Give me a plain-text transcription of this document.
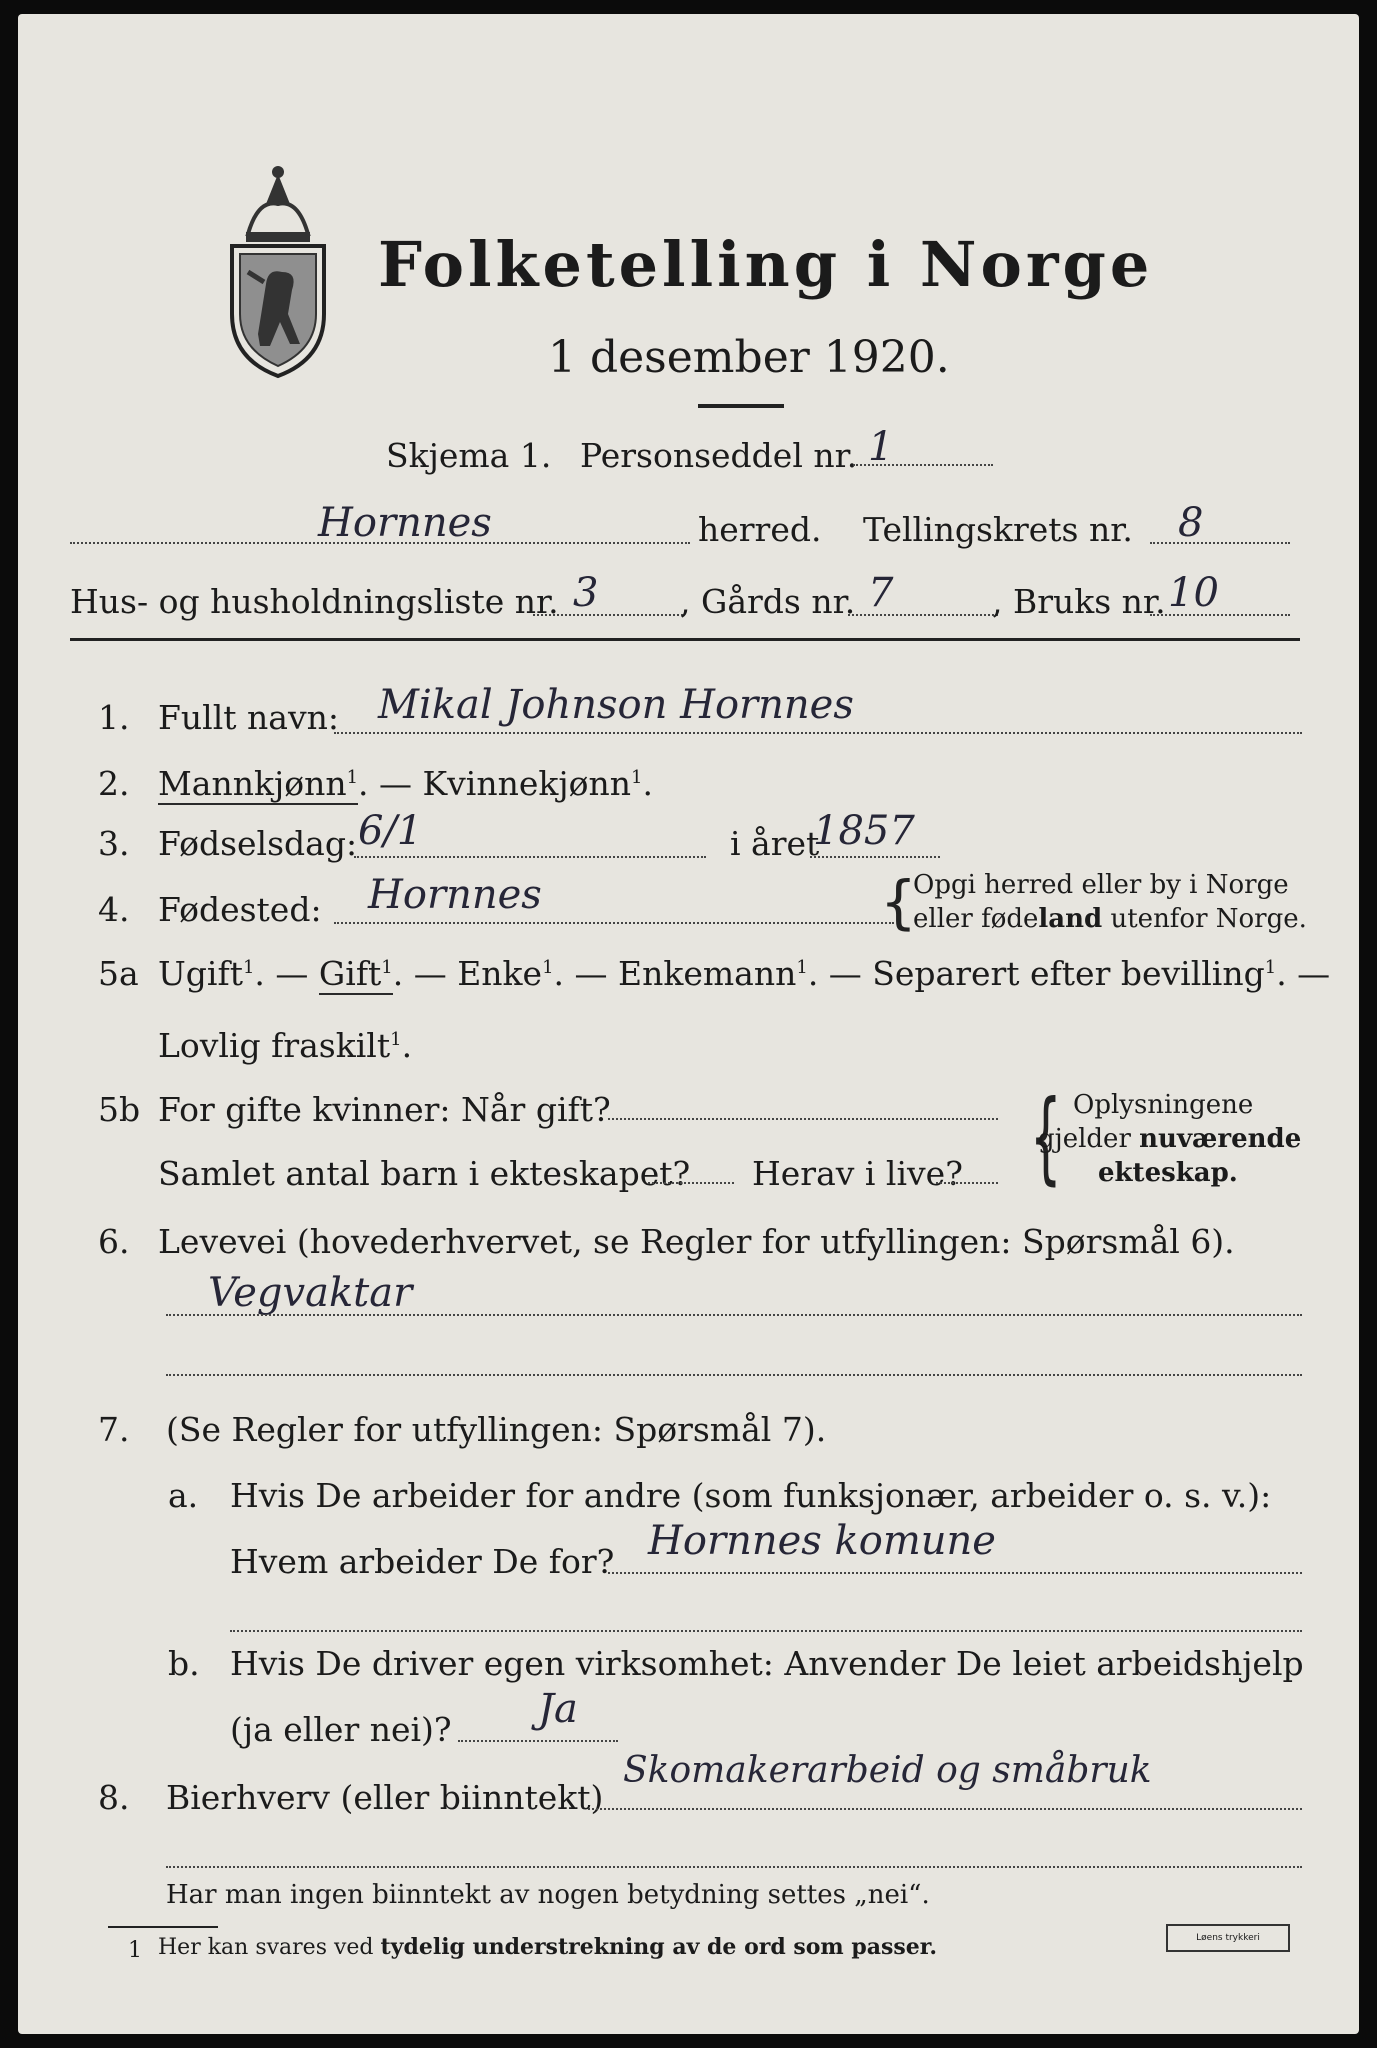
Folketelling i Norge
1 desember 1920.
Skjema 1. Personseddel nr. 1
Hornnes	herred. Tellingskrets nr. 8
Hus- og husholdningsliste nr. 3 , Gårds nr. 7	, Bruks nr. 10
1. Fullt navn: Mikal Johnson Hornnes
2. Mannkjønn$^1$. — Kvinnekjønn$^1$.
3. Fødselsdag: 6/1	i året
1857
4. Fødested: Hornnes	{
Opgi herred eller by i Norge
eller fødeland utenfor Norge.
5a Ugift$^1$. — Gift$^1$. — Enke$^1$. — Enkemann$^1$. — Separert efter bevilling$^1$. —
Lovlig fraskilt$^1$.
5b For gifte kvinner: Når gift?
Samlet antal barn i ekteskapet? Herav i live? { Oplysningene
gjelder nuværende
ekteskap.
6. Levevei (hovederhvervet, se Regler for utfyllingen: Spørsmål 6).
Vegvaktar
7. (Se Regler for utfyllingen: Spørsmål 7).
a. Hvis De arbeider for andre (som funksjonær, arbeider o. s. v.):
Hvem arbeider De for? Hornnes komune
b. Hvis De driver egen virksomhet: Anvender De leiet arbeidshjelp
(ja eller nei)? Ja
8. Bierhverv (eller biinntekt)
Skomakerarbeid og småbruk
Har man ingen biinntekt av nogen betydning settes „nei“.
1 Her kan svares ved tydelig understrekning av de ord som passer.	Løens trykkeri
